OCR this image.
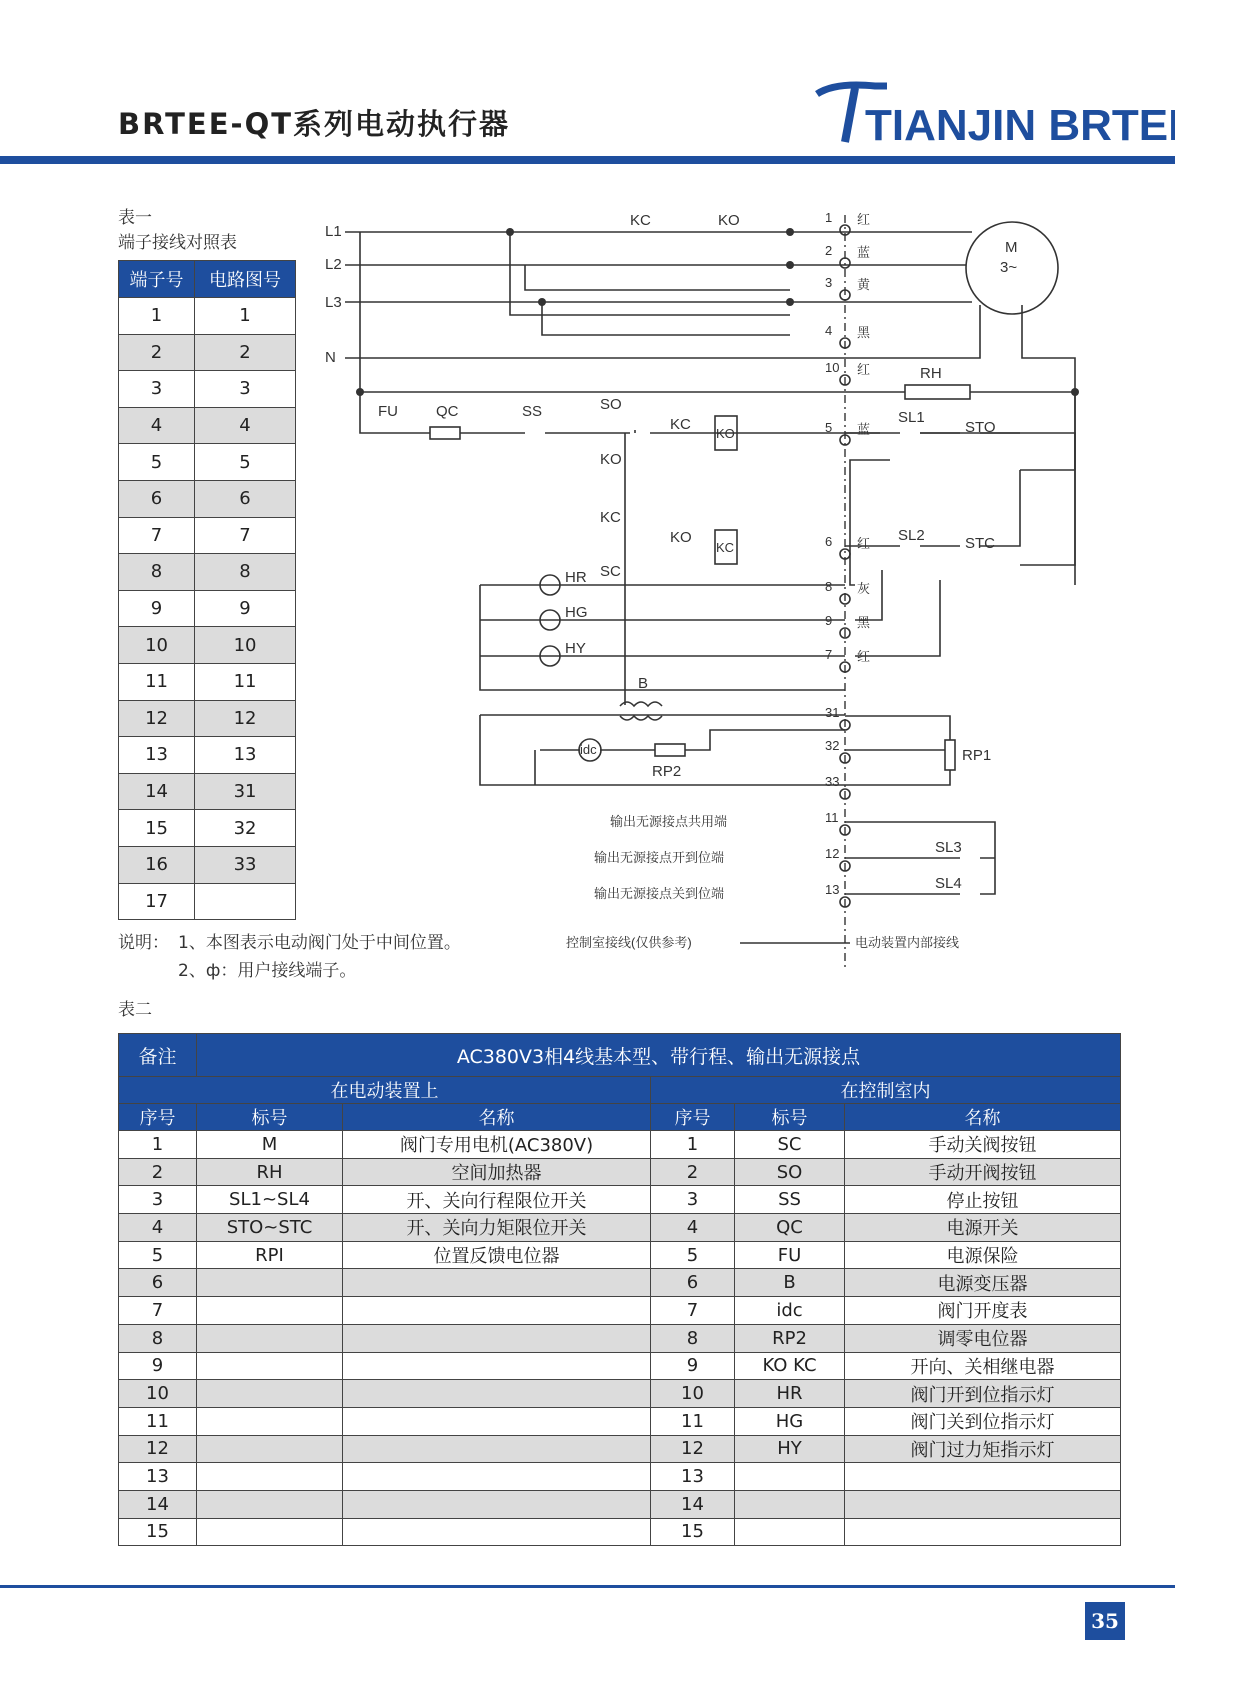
BRTEE-QT系列电动执行器	TIANJIN BRTEE
表一
端子接线对照表
端子号	电路图号
1	1
2	2
3	3
4	4
5	5
6	6
7	7
8	8
9	9
10	10
11	11
12	12
13	13
14	31
15	32
16	33
17	
说明： 1、本图表示电动阀门处于中间位置。
2、ф：用户接线端子。
L1
L2
L3
N
KC	KO
M
3~
RH
FU	QC	SS	SO
KC
KO
KO
KC
KC
KO
SL1
STO
SL2	STC
HR SC
HG
HY
B
idc
RP2
RP1
SL3
SL4
输出无源接点共用端
输出无源接点开到位端
输出无源接点关到位端
1 红
2 蓝
3 黄
4 黑
10 红
5 蓝
6 红
8 灰
9 黑
7 红
31
32
33
11
12
13
控制室接线(仅供参考)	电动装置内部接线
表二
备注	AC380V3相4线基本型、带行程、输出无源接点				
在电动装置上			在控制室内		
序号	标号	名称	序号	标号	名称
1	M	阀门专用电机(AC380V)	1	SC	手动关阀按钮
2	RH	空间加热器	2	SO	手动开阀按钮
3	SL1~SL4	开、关向行程限位开关	3	SS	停止按钮
4	STO~STC	开、关向力矩限位开关	4	QC	电源开关
5	RPI	位置反馈电位器	5	FU	电源保险
6			6	B	电源变压器
7			7	idc	阀门开度表
8			8	RP2	调零电位器
9			9	KO KC	开向、关相继电器
10			10	HR	阀门开到位指示灯
11			11	HG	阀门关到位指示灯
12			12	HY	阀门过力矩指示灯
13			13		
14			14		
15			15		
35
